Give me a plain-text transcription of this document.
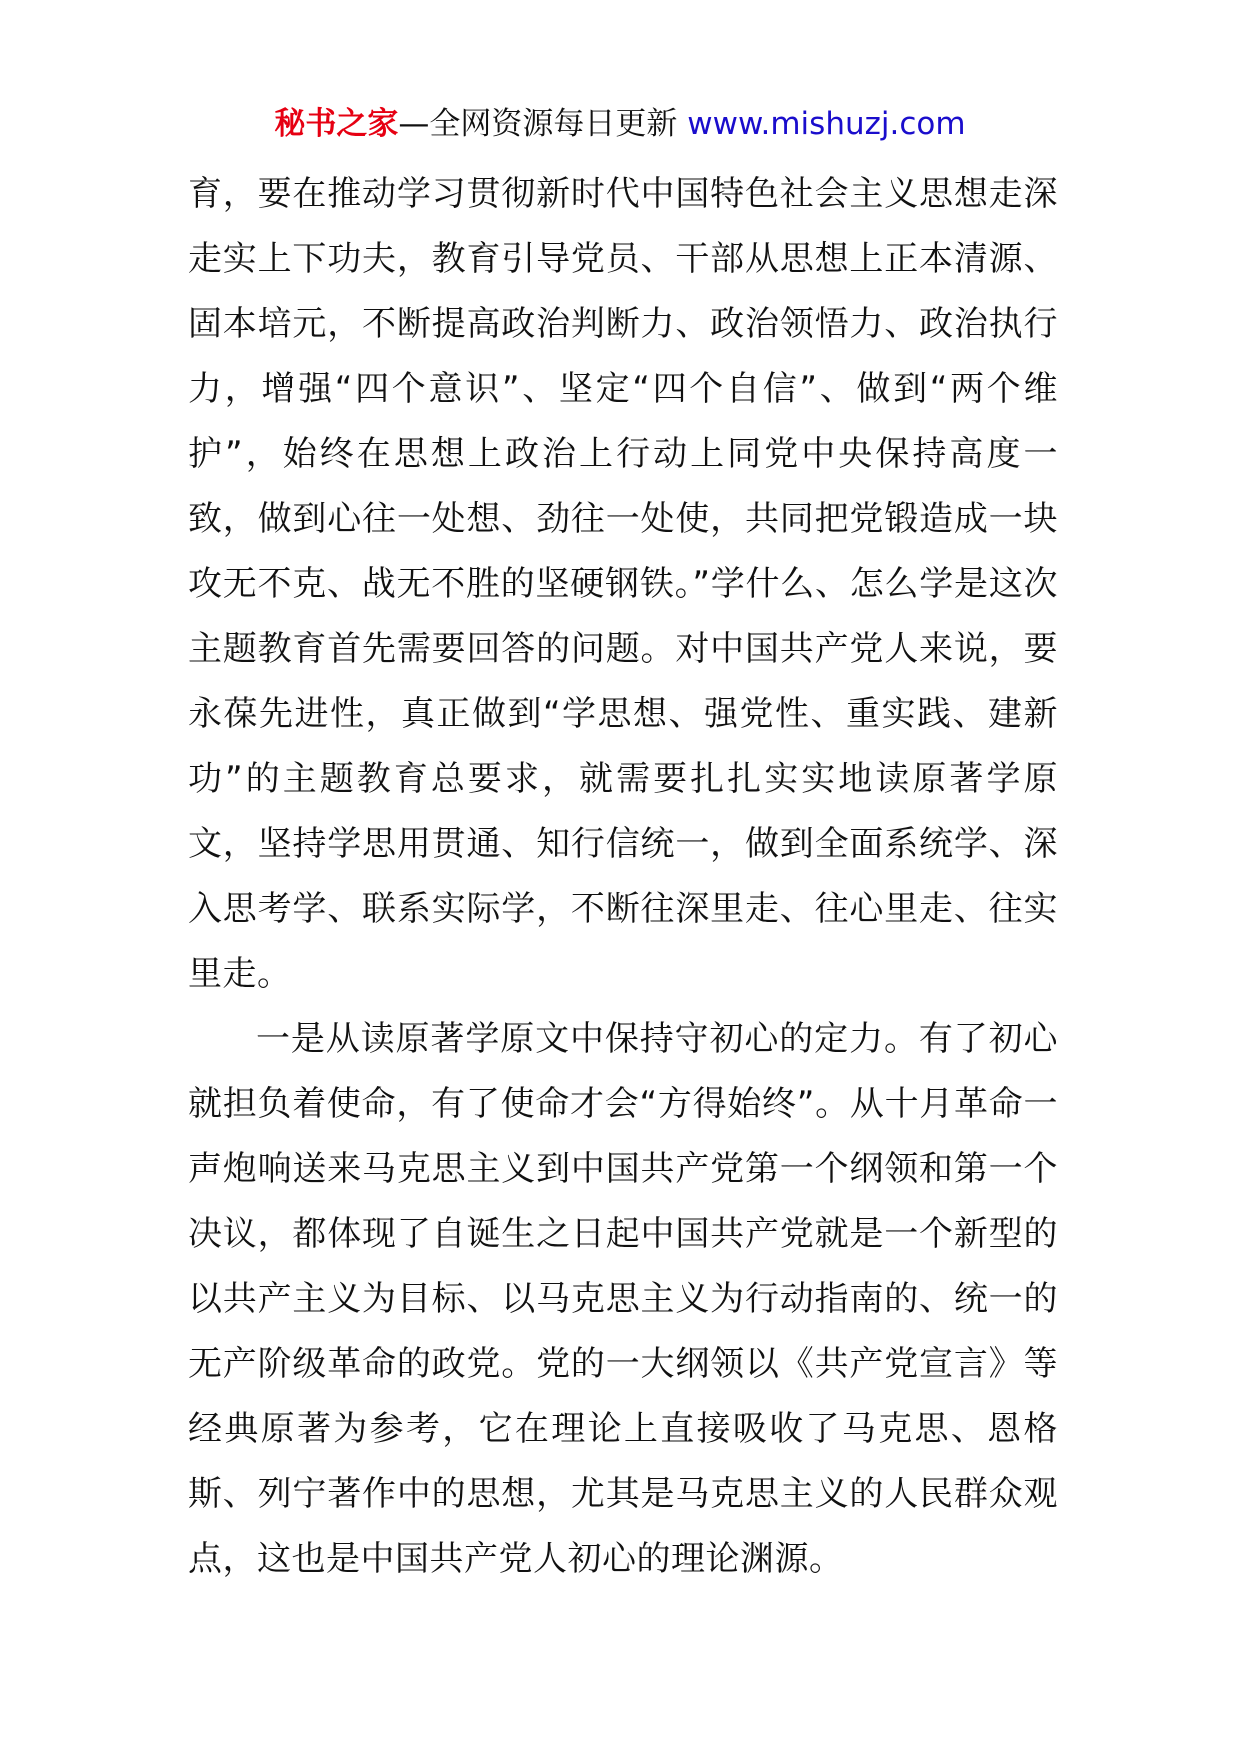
秘书之家—全网资源每日更新 www.mishuzj.com

育，要在推动学习贯彻新时代中国特色社会主义思想走深走实上下功夫，教育引导党员、干部从思想上正本清源、固本培元，不断提高政治判断力、政治领悟力、政治执行力，增强“四个意识”、坚定“四个自信”、做到“两个维护”，始终在思想上政治上行动上同党中央保持高度一致，做到心往一处想、劲往一处使，共同把党锻造成一块攻无不克、战无不胜的坚硬钢铁。”学什么、怎么学是这次主题教育首先需要回答的问题。对中国共产党人来说，要永葆先进性，真正做到“学思想、强党性、重实践、建新功”的主题教育总要求，就需要扎扎实实地读原著学原文，坚持学思用贯通、知行信统一，做到全面系统学、深入思考学、联系实际学，不断往深里走、往心里走、往实里走。

一是从读原著学原文中保持守初心的定力。有了初心就担负着使命，有了使命才会“方得始终”。从十月革命一声炮响送来马克思主义到中国共产党第一个纲领和第一个决议，都体现了自诞生之日起中国共产党就是一个新型的以共产主义为目标、以马克思主义为行动指南的、统一的无产阶级革命的政党。党的一大纲领以《共产党宣言》等经典原著为参考，它在理论上直接吸收了马克思、恩格斯、列宁著作中的思想，尤其是马克思主义的人民群众观点，这也是中国共产党人初心的理论渊源。
